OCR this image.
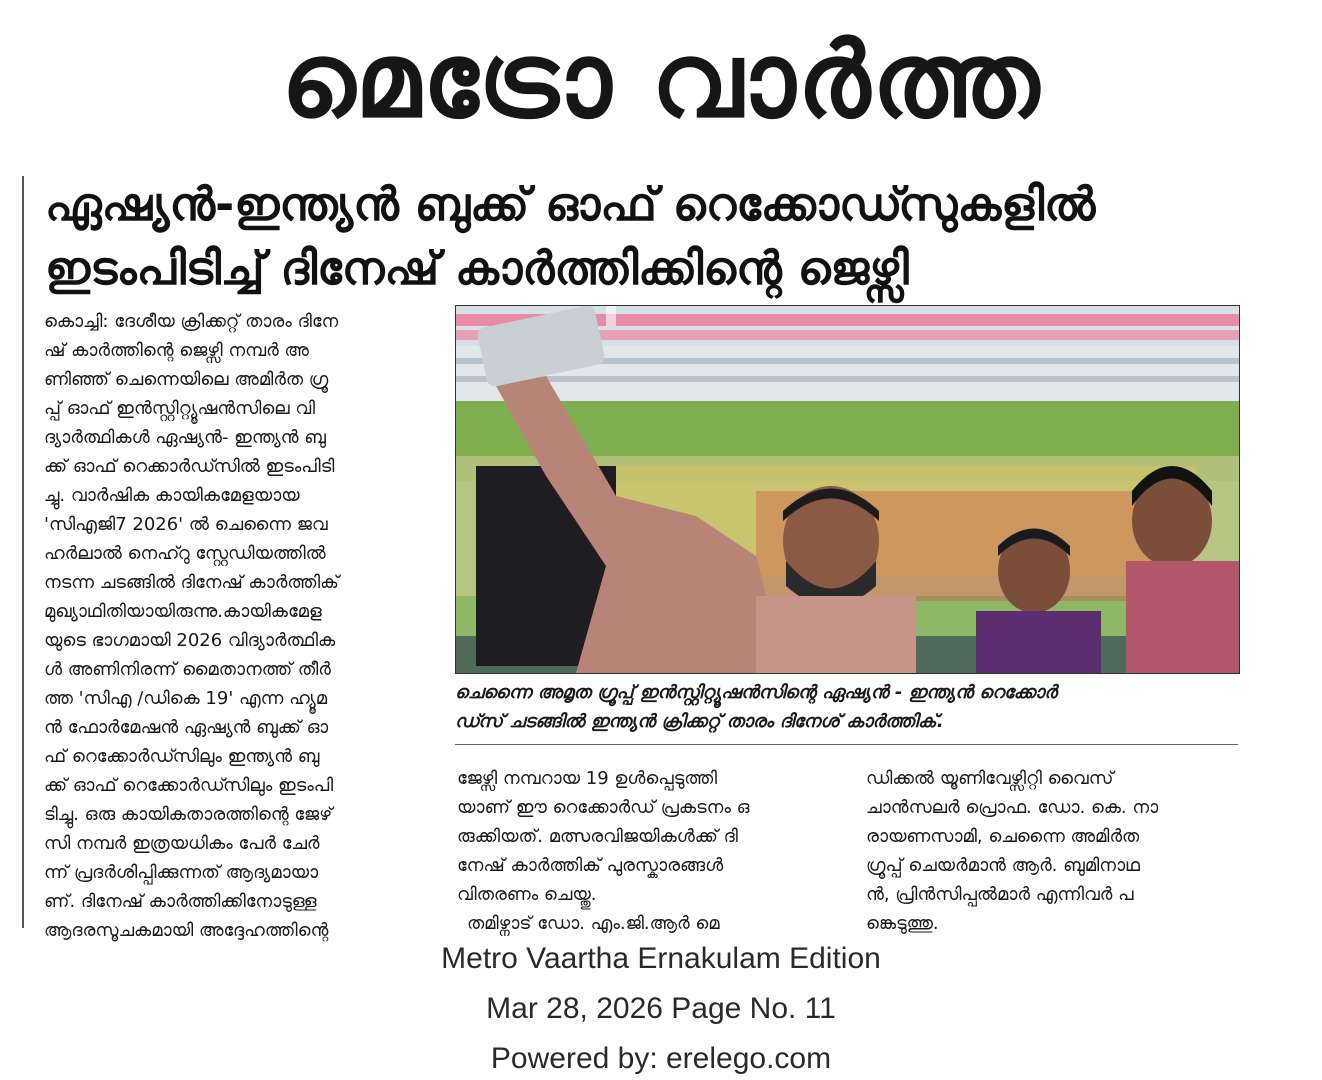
മെട്രോ വാർത്ത
ഏഷ്യൻ-ഇന്ത്യൻ ബുക്ക് ഓഫ് റെക്കോഡ്സുകളിൽ
ഇടംപിടിച്ച് ദിനേഷ് കാർത്തിക്കിന്റെ ജെഴ്സി

കൊച്ചി: ദേശീയ ക്രിക്കറ്റ് താരം ദിനേ

ഷ് കാർത്തിന്റെ ജെഴ്സി നമ്പർ അ

ണിഞ്ഞ് ചെന്നെയിലെ അമിർത ഗ്രൂ

പ്പ് ഓഫ് ഇൻസ്റ്റിറ്റ്യൂഷൻസിലെ വി

ദ്യാർത്ഥികൾ ഏഷ്യൻ- ഇന്ത്യൻ ബു

ക്ക് ഓഫ് റെക്കാർഡ്സിൽ ഇടംപിടി

ച്ചു. വാർഷിക കായികമേളയായ

'സിഎജി7 2026' ൽ ചെന്നൈ ജവ

ഹർലാൽ നെഹ്റു സ്റ്റേഡിയത്തിൽ

നടന്ന ചടങ്ങിൽ ദിനേഷ് കാർത്തിക്

മുഖ്യാഥിതിയായിരുന്നു.കായികമേള

യുടെ ഭാഗമായി 2026 വിദ്യാർത്ഥിക

ൾ അണിനിരന്ന് മൈതാനത്ത് തീർ

ത്ത 'സിഎ /ഡികെ 19' എന്ന ഹ്യൂമ

ൻ ഫോർമേഷൻ ഏഷ്യൻ ബുക്ക് ഓ

ഫ് റെക്കോർഡ്സിലും ഇന്ത്യൻ ബു

ക്ക് ഓഫ് റെക്കോർഡ്സിലും ഇടംപി

ടിച്ചു. ഒരു കായികതാരത്തിന്റെ ജേഴ്

സി നമ്പർ ഇത്രയധികം പേർ ചേർ

ന്ന് പ്രദർശിപ്പിക്കുന്നത് ആദ്യമായാ

ണ്. ദിനേഷ് കാർത്തിക്കിനോടുള്ള

ആദരസൂചകമായി അദ്ദേഹത്തിന്റെ

ചെന്നൈ അമൃത ഗ്രൂപ്പ് ഇൻസ്റ്റിറ്റ്യൂഷൻസിന്റെ ഏഷ്യൻ - ഇന്ത്യൻ റെക്കോർ

ഡ്സ് ചടങ്ങിൽ ഇന്ത്യൻ ക്രിക്കറ്റ് താരം ദിനേശ് കാർത്തിക്.

ജേഴ്സി നമ്പറായ 19 ഉൾപ്പെടുത്തി

യാണ് ഈ റെക്കോർഡ് പ്രകടനം ഒ

രുക്കിയത്. മത്സരവിജയികൾക്ക് ദി

നേഷ് കാർത്തിക് പുരസ്കാരങ്ങൾ

വിതരണം ചെയ്തു.

തമിഴ്നാട് ഡോ. എം.ജി.ആർ മെ

ഡിക്കൽ യൂണിവേഴ്സിറ്റി വൈസ്

ചാൻസലർ പ്രൊഫ. ഡോ. കെ. നാ

രായണസാമി, ചെന്നൈ അമിർത

ഗ്രൂപ്പ് ചെയർമാൻ ആർ. ബുമിനാഥ

ൻ, പ്രിൻസിപ്പൽമാർ എന്നിവർ പ

ങ്കെടുത്തു.

Metro Vaartha Ernakulam Edition
Mar 28, 2026 Page No. 11
Powered by: erelego.com
